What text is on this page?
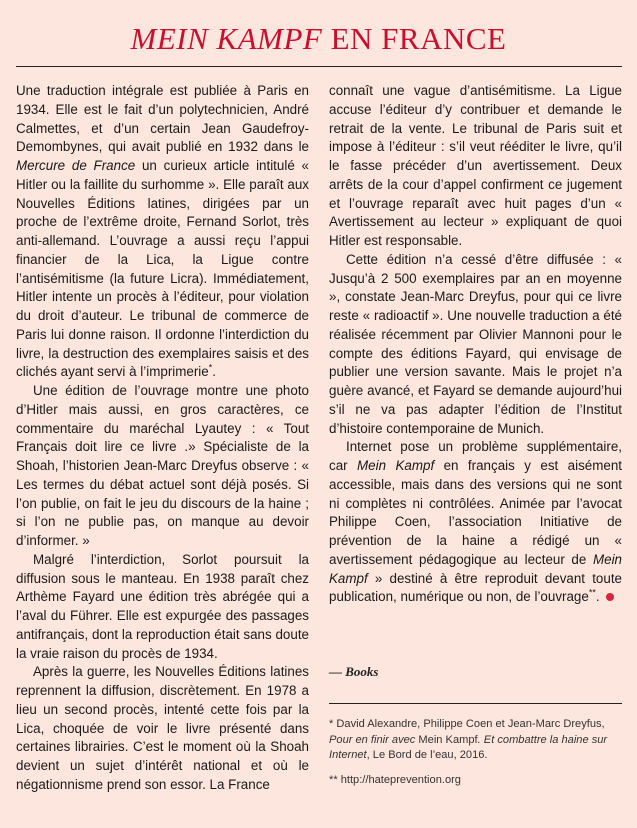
MEIN KAMPF EN FRANCE

Une traduction intégrale est publiée à Paris en 1934. Elle est le fait d’un polytechnicien, André Calmettes, et d’un certain Jean Gaudefroy-Demombynes, qui avait publié en 1932 dans le Mercure de France un curieux article intitulé « Hitler ou la faillite du surhomme ». Elle paraît aux Nouvelles Éditions latines, dirigées par un proche de l’extrême droite, Fernand Sorlot, très anti-allemand. L’ouvrage a aussi reçu l’appui financier de la Lica, la Ligue contre l’antisémitisme (la future Licra). Immédiatement, Hitler intente un procès à l’éditeur, pour violation du droit d’auteur. Le tribunal de commerce de Paris lui donne raison. Il ordonne l’interdiction du livre, la destruction des exemplaires saisis et des clichés ayant servi à l’imprimerie*.

Une édition de l’ouvrage montre une photo d’Hitler mais aussi, en gros caractères, ce commentaire du maréchal Lyautey : « Tout Français doit lire ce livre .» Spécialiste de la Shoah, l’historien Jean-Marc Dreyfus observe : « Les termes du débat actuel sont déjà posés. Si l’on publie, on fait le jeu du discours de la haine ; si l’on ne publie pas, on manque au devoir d’informer. »

Malgré l’interdiction, Sorlot poursuit la diffusion sous le manteau. En 1938 paraît chez Arthème Fayard une édition très abrégée qui a l’aval du Führer. Elle est expurgée des passages antifrançais, dont la reproduction était sans doute la vraie raison du procès de 1934.

Après la guerre, les Nouvelles Éditions latines reprennent la diffusion, discrètement. En 1978 a lieu un second procès, intenté cette fois par la Lica, choquée de voir le livre présenté dans certaines librairies. C’est le moment où la Shoah devient un sujet d’intérêt national et où le négationnisme prend son essor. La France

connaît une vague d’antisémitisme. La Ligue accuse l’éditeur d’y contribuer et demande le retrait de la vente. Le tribunal de Paris suit et impose à l’éditeur : s’il veut rééditer le livre, qu’il le fasse précéder d’un avertissement. Deux arrêts de la cour d’appel confirment ce jugement et l’ouvrage reparaît avec huit pages d’un « Avertissement au lecteur » expliquant de quoi Hitler est responsable.

Cette édition n’a cessé d’être diffusée : « Jusqu’à 2 500 exemplaires par an en moyenne », constate Jean-Marc Dreyfus, pour qui ce livre reste « radioactif ». Une nouvelle traduction a été réalisée récemment par Olivier Mannoni pour le compte des éditions Fayard, qui envisage de publier une version savante. Mais le projet n’a guère avancé, et Fayard se demande aujourd’hui s’il ne va pas adapter l’édition de l’Institut d’histoire contemporaine de Munich.

Internet pose un problème supplémentaire, car Mein Kampf en français y est aisément accessible, mais dans des versions qui ne sont ni complètes ni contrôlées. Animée par l’avocat Philippe Coen, l’association Initiative de prévention de la haine a rédigé un « avertissement pédagogique au lecteur de Mein Kampf » destiné à être reproduit devant toute publication, numérique ou non, de l’ouvrage**.

— Books

* David Alexandre, Philippe Coen et Jean-Marc Dreyfus, Pour en finir avec Mein Kampf. Et combattre la haine sur Internet, Le Bord de l’eau, 2016.

** http://hateprevention.org
